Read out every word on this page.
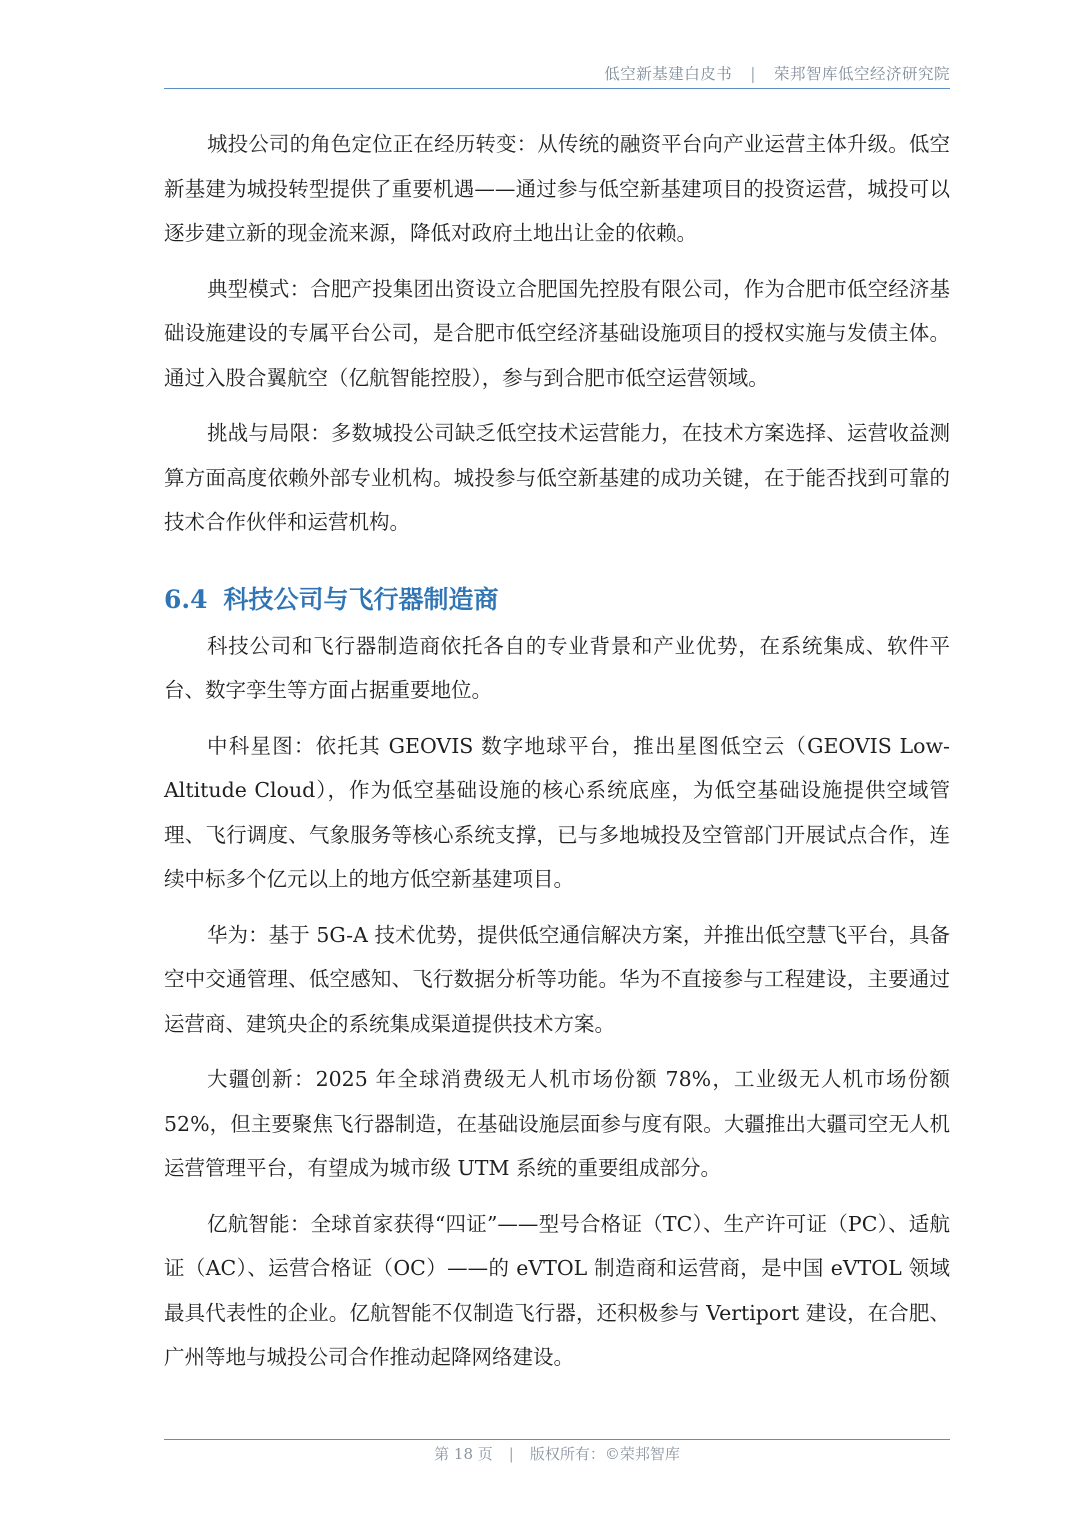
低空新基建白皮书 | 荣邦智库低空经济研究院

城投公司的角色定位正在经历转变：从传统的融资平台向产业运营主体升级。低空新基建为城投转型提供了重要机遇——通过参与低空新基建项目的投资运营，城投可以逐步建立新的现金流来源，降低对政府土地出让金的依赖。

典型模式：合肥产投集团出资设立合肥国先控股有限公司，作为合肥市低空经济基础设施建设的专属平台公司，是合肥市低空经济基础设施项目的授权实施与发债主体。通过入股合翼航空（亿航智能控股），参与到合肥市低空运营领域。

挑战与局限：多数城投公司缺乏低空技术运营能力，在技术方案选择、运营收益测算方面高度依赖外部专业机构。城投参与低空新基建的成功关键，在于能否找到可靠的技术合作伙伴和运营机构。

6.4 科技公司与飞行器制造商

科技公司和飞行器制造商依托各自的专业背景和产业优势，在系统集成、软件平台、数字孪生等方面占据重要地位。

中科星图：依托其 GEOVIS 数字地球平台，推出星图低空云（GEOVIS Low-Altitude Cloud），作为低空基础设施的核心系统底座，为低空基础设施提供空域管理、飞行调度、气象服务等核心系统支撑，已与多地城投及空管部门开展试点合作，连续中标多个亿元以上的地方低空新基建项目。

华为：基于 5G-A 技术优势，提供低空通信解决方案，并推出低空慧飞平台，具备空中交通管理、低空感知、飞行数据分析等功能。华为不直接参与工程建设，主要通过运营商、建筑央企的系统集成渠道提供技术方案。

大疆创新：2025 年全球消费级无人机市场份额 78%，工业级无人机市场份额 52%，但主要聚焦飞行器制造，在基础设施层面参与度有限。大疆推出大疆司空无人机运营管理平台，有望成为城市级 UTM 系统的重要组成部分。

亿航智能：全球首家获得“四证”——型号合格证（TC）、生产许可证（PC）、适航证（AC）、运营合格证（OC）——的 eVTOL 制造商和运营商，是中国 eVTOL 领域最具代表性的企业。亿航智能不仅制造飞行器，还积极参与 Vertiport 建设，在合肥、广州等地与城投公司合作推动起降网络建设。

第 18 页 | 版权所有：©荣邦智库
